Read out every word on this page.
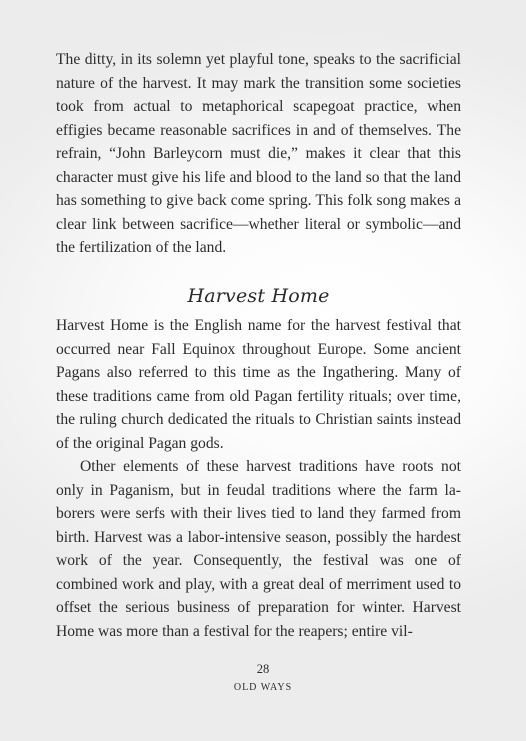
The ditty, in its solemn yet playful tone, speaks to the sacrificial nature of the harvest. It may mark the transition some societies took from actual to metaphorical scapegoat practice, when effigies became reasonable sacrifices in and of themselves. The refrain, “John Barleycorn must die,” makes it clear that this character must give his life and blood to the land so that the land has something to give back come spring. This folk song makes a clear link between sacrifice—whether literal or symbolic—and the fertilization of the land.

Harvest Home

Harvest Home is the English name for the harvest festival that occurred near Fall Equinox throughout Europe. Some ancient Pagans also referred to this time as the Ingathering. Many of these traditions came from old Pagan fertility rituals; over time, the ruling church dedicated the rituals to Christian saints instead of the original Pagan gods.

Other elements of these harvest traditions have roots not only in Paganism, but in feudal traditions where the farm laborers were serfs with their lives tied to land they farmed from birth. Harvest was a labor-intensive season, possibly the hardest work of the year. Consequently, the festival was one of combined work and play, with a great deal of merriment used to offset the serious business of preparation for winter. Harvest Home was more than a festival for the reapers; entire vil-

28
OLD WAYS
